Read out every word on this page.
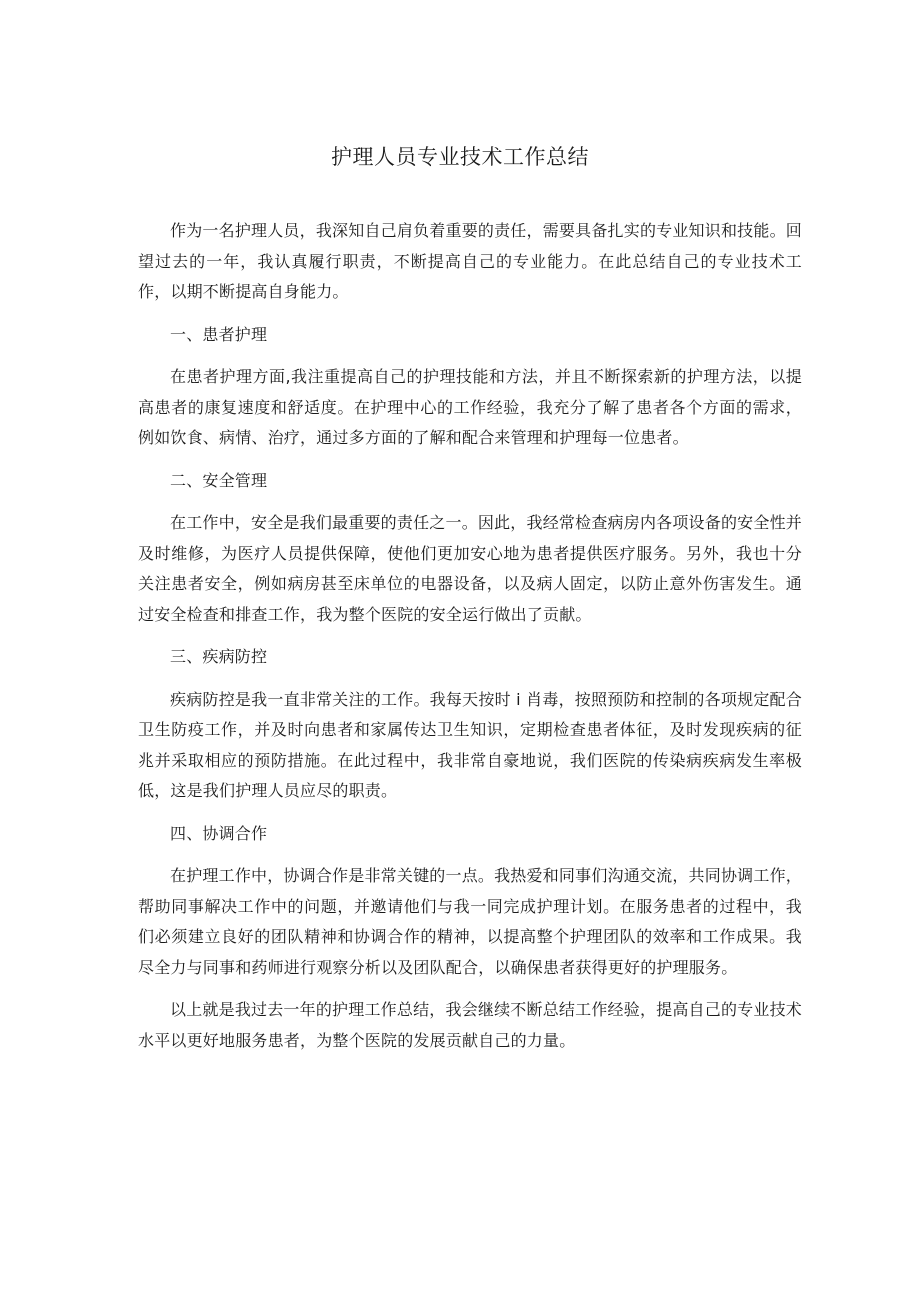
护理人员专业技术工作总结

作为一名护理人员，我深知自己肩负着重要的责任，需要具备扎实的专业知识和技能。回望过去的一年，我认真履行职责，不断提高自己的专业能力。在此总结自己的专业技术工作，以期不断提高自身能力。

一、患者护理

在患者护理方面,我注重提高自己的护理技能和方法，并且不断探索新的护理方法，以提高患者的康复速度和舒适度。在护理中心的工作经验，我充分了解了患者各个方面的需求，例如饮食、病情、治疗，通过多方面的了解和配合来管理和护理每一位患者。

二、安全管理

在工作中，安全是我们最重要的责任之一。因此，我经常检查病房内各项设备的安全性并及时维修，为医疗人员提供保障，使他们更加安心地为患者提供医疗服务。另外，我也十分关注患者安全，例如病房甚至床单位的电器设备，以及病人固定，以防止意外伤害发生。通过安全检查和排查工作，我为整个医院的安全运行做出了贡献。

三、疾病防控

疾病防控是我一直非常关注的工作。我每天按时 i 肖毒，按照预防和控制的各项规定配合卫生防疫工作，并及时向患者和家属传达卫生知识，定期检查患者体征，及时发现疾病的征兆并采取相应的预防措施。在此过程中，我非常自豪地说，我们医院的传染病疾病发生率极低，这是我们护理人员应尽的职责。

四、协调合作

在护理工作中，协调合作是非常关键的一点。我热爱和同事们沟通交流，共同协调工作，帮助同事解决工作中的问题，并邀请他们与我一同完成护理计划。在服务患者的过程中，我们必须建立良好的团队精神和协调合作的精神，以提高整个护理团队的效率和工作成果。我尽全力与同事和药师进行观察分析以及团队配合，以确保患者获得更好的护理服务。

以上就是我过去一年的护理工作总结，我会继续不断总结工作经验，提高自己的专业技术水平以更好地服务患者，为整个医院的发展贡献自己的力量。
